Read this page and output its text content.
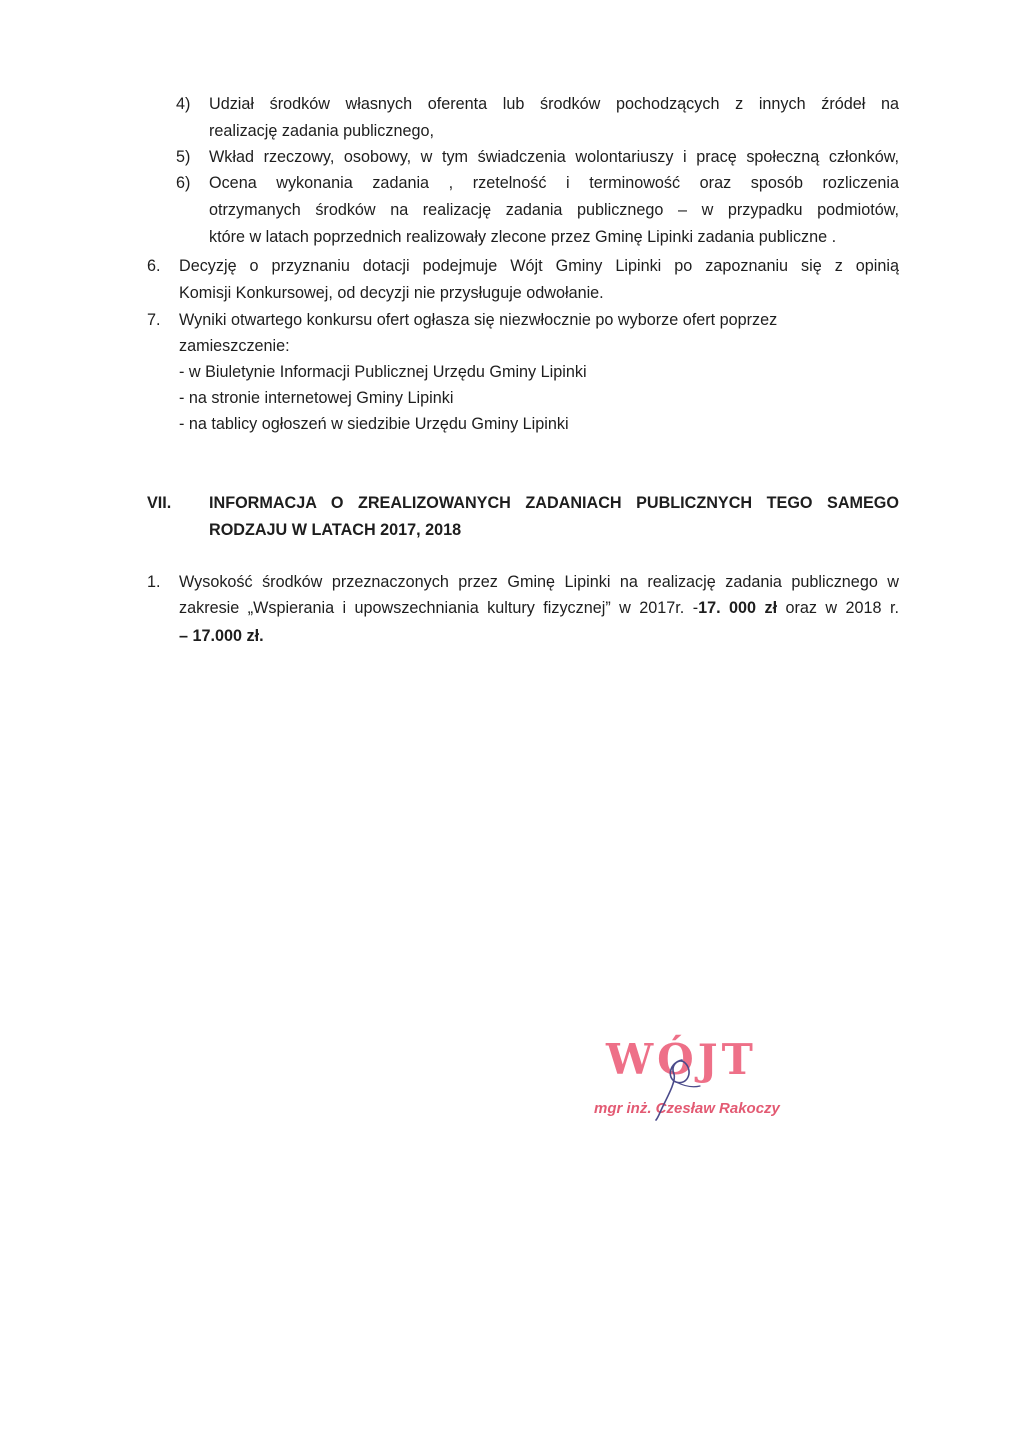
4) Udział środków własnych oferenta lub środków pochodzących z innych źródeł na
realizację zadania publicznego,
5) Wkład rzeczowy, osobowy, w tym świadczenia wolontariuszy i pracę społeczną członków,
6) Ocena wykonania zadania , rzetelność i terminowość oraz sposób rozliczenia
otrzymanych środków na realizację zadania publicznego – w przypadku podmiotów,
które w latach poprzednich realizowały zlecone przez Gminę Lipinki zadania publiczne .
6. Decyzję o przyznaniu dotacji podejmuje Wójt Gminy Lipinki po zapoznaniu się z opinią
Komisji Konkursowej, od decyzji nie przysługuje odwołanie.
7. Wyniki otwartego konkursu ofert ogłasza się niezwłocznie po wyborze ofert poprzez
zamieszczenie:
- w Biuletynie Informacji Publicznej Urzędu Gminy Lipinki
- na stronie internetowej Gminy Lipinki
- na tablicy ogłoszeń w siedzibie Urzędu Gminy Lipinki
VII. INFORMACJA O ZREALIZOWANYCH ZADANIACH PUBLICZNYCH TEGO SAMEGO
RODZAJU W LATACH 2017, 2018
1. Wysokość środków przeznaczonych przez Gminę Lipinki na realizację zadania publicznego w
zakresie „Wspierania i upowszechniania kultury fizycznej” w 2017r. -17. 000 zł oraz w 2018 r.
– 17.000 zł.
WÓJT
mgr inż. Czesław Rakoczy
